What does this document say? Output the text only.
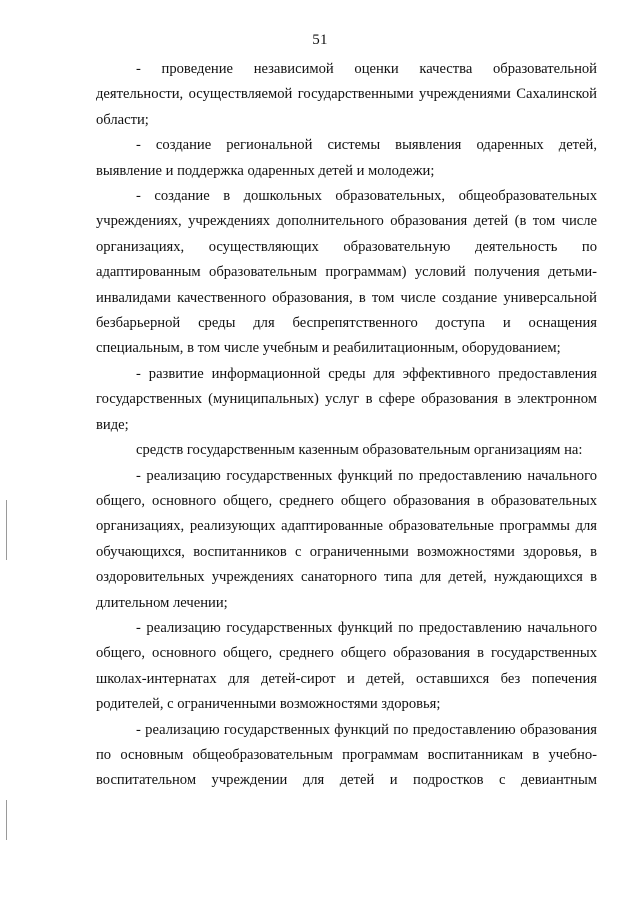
51

- проведение независимой оценки качества образовательной деятельности, осуществляемой государственными учреждениями Сахалинской области;

- создание региональной системы выявления одаренных детей, выявление и поддержка одаренных детей и молодежи;

- создание в дошкольных образовательных, общеобразовательных учреждениях, учреждениях дополнительного образования детей (в том числе организациях, осуществляющих образовательную деятельность по адаптированным образовательным программам) условий получения детьми-инвалидами качественного образования, в том числе создание универсальной безбарьерной среды для беспрепятственного доступа и оснащения специальным, в том числе учебным и реабилитационным, оборудованием;

- развитие информационной среды для эффективного предоставления государственных (муниципальных) услуг в сфере образования в электронном виде;

средств государственным казенным образовательным организациям на:

- реализацию государственных функций по предоставлению начального общего, основного общего, среднего общего образования в образовательных организациях, реализующих адаптированные образовательные программы для обучающихся, воспитанников с ограниченными возможностями здоровья, в оздоровительных учреждениях санаторного типа для детей, нуждающихся в длительном лечении;

- реализацию государственных функций по предоставлению начального общего, основного общего, среднего общего образования в государственных школах-интернатах для детей-сирот и детей, оставшихся без попечения родителей, с ограниченными возможностями здоровья;

- реализацию государственных функций по предоставлению образования по основным общеобразовательным программам воспитанникам в учебно-воспитательном учреждении для детей и подростков с девиантным
